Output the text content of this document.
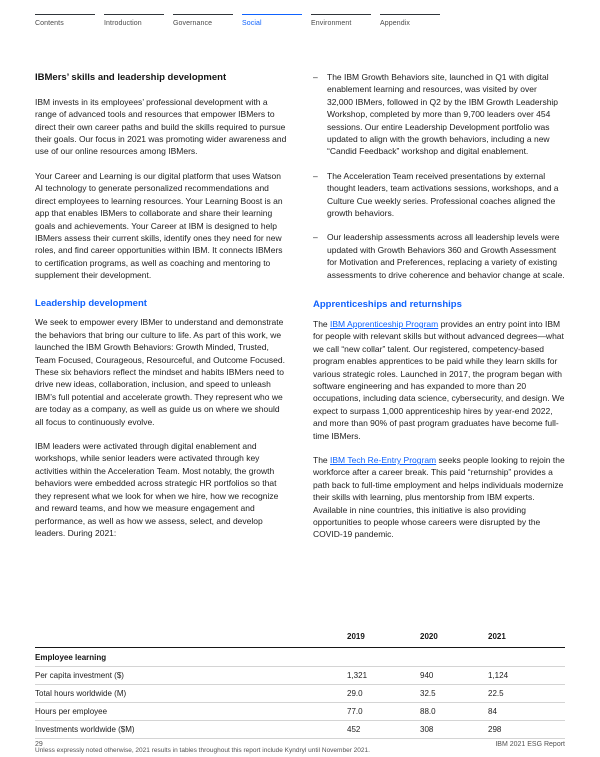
Contents	Introduction	Governance	Social	Environment	Appendix
IBMers’ skills and leadership development

IBM invests in its employees’ professional development with a range of advanced tools and resources that empower IBMers to direct their own career paths and build the skills required to pursue their goals. Our focus in 2021 was promoting wider awareness and use of our online resources among IBMers.

Your Career and Learning is our digital platform that uses Watson AI technology to generate personalized recommendations and direct employees to learning resources. Your Learning Boost is an app that enables IBMers to collaborate and share their learning goals and achievements. Your Career at IBM is designed to help IBMers assess their current skills, identify ones they need for new roles, and find career opportunities within IBM. It connects IBMers to certification programs, as well as coaching and mentoring to supplement their development.

Leadership development

We seek to empower every IBMer to understand and demonstrate the behaviors that bring our culture to life. As part of this work, we launched the IBM Growth Behaviors: Growth Minded, Trusted, Team Focused, Courageous, Resourceful, and Outcome Focused. These six behaviors reflect the mindset and habits IBMers need to drive new ideas, collaboration, inclusion, and speed to unleash IBM’s full potential and accelerate growth. They represent who we are today as a company, as well as guide us on where we should all focus to continuously evolve.

IBM leaders were activated through digital enablement and workshops, while senior leaders were activated through key activities within the Acceleration Team. Most notably, the growth behaviors were embedded across strategic HR portfolios so that they represent what we look for when we hire, how we recognize and reward teams, and how we measure engagement and performance, as well as how we assess, select, and develop leaders. During 2021:

–	The IBM Growth Behaviors site, launched in Q1 with digital enablement learning and resources, was visited by over 32,000 IBMers, followed in Q2 by the IBM Growth Leadership Workshop, completed by more than 9,700 leaders over 454 sessions. Our entire Leadership Development portfolio was updated to align with the growth behaviors, including a new “Candid Feedback” workshop and digital enablement.
–	The Acceleration Team received presentations by external thought leaders, team activations sessions, workshops, and a Culture Cue weekly series. Professional coaches aligned the growth behaviors.
–	Our leadership assessments across all leadership levels were updated with Growth Behaviors 360 and Growth Assessment for Motivation and Preferences, replacing a variety of existing assessments to drive coherence and behavior change at scale.
Apprenticeships and returnships

The IBM Apprenticeship Program provides an entry point into IBM for people with relevant skills but without advanced degrees—what we call “new collar” talent. Our registered, competency-based program enables apprentices to be paid while they learn skills for various strategic roles. Launched in 2017, the program began with software engineering and has expanded to more than 20 occupations, including data science, cybersecurity, and design. We expect to surpass 1,000 apprenticeship hires by year-end 2022, and more than 90% of past program graduates have become full-time IBMers.

The IBM Tech Re-Entry Program seeks people looking to rejoin the workforce after a career break. This paid “returnship” provides a path back to full-time employment and helps individuals modernize their skills with learning, plus mentorship from IBM experts. Available in nine countries, this initiative is also providing opportunities to people whose careers were disrupted by the COVID-19 pandemic.

2019	2020	2021
Employee learning
Per capita investment ($)	1,321	940	1,124
Total hours worldwide (M)	29.0	32.5	22.5
Hours per employee	77.0	88.0	84
Investments worldwide ($M)	452	308	298
Unless expressly noted otherwise, 2021 results in tables throughout this report include Kyndryl until November 2021.
29	IBM 2021 ESG Report
